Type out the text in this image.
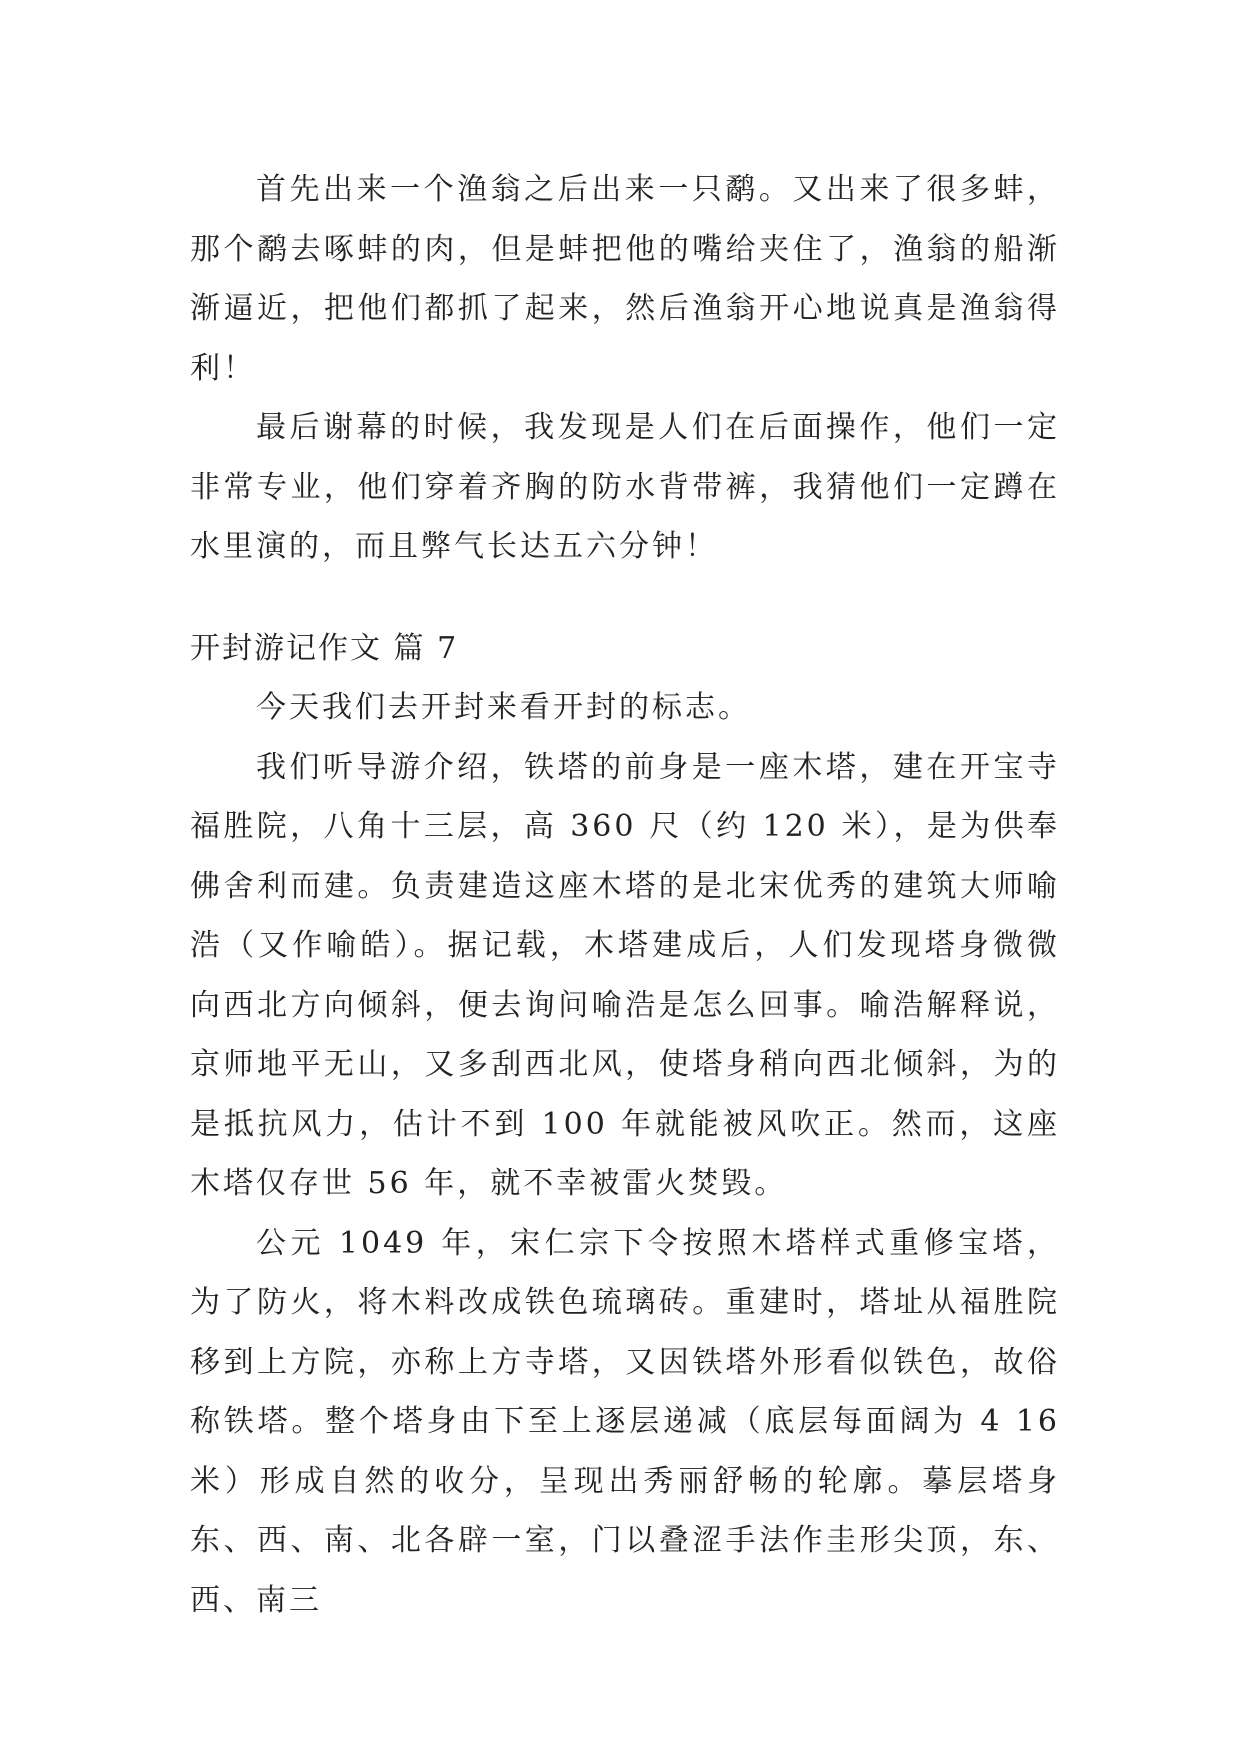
首先出来一个渔翁之后出来一只鹬。又出来了很多蚌，那个鹬去啄蚌的肉，但是蚌把他的嘴给夹住了，渔翁的船渐渐逼近，把他们都抓了起来，然后渔翁开心地说真是渔翁得利！

最后谢幕的时候，我发现是人们在后面操作，他们一定非常专业，他们穿着齐胸的防水背带裤，我猜他们一定蹲在水里演的，而且弊气长达五六分钟！

开封游记作文 篇 7

今天我们去开封来看开封的标志。

我们听导游介绍，铁塔的前身是一座木塔，建在开宝寺福胜院，八角十三层，高 360 尺（约 120 米），是为供奉佛舍利而建。负责建造这座木塔的是北宋优秀的建筑大师喻浩（又作喻皓）。据记载，木塔建成后，人们发现塔身微微向西北方向倾斜，便去询问喻浩是怎么回事。喻浩解释说，京师地平无山，又多刮西北风，使塔身稍向西北倾斜，为的是抵抗风力，估计不到 100 年就能被风吹正。然而，这座木塔仅存世 56 年，就不幸被雷火焚毁。

公元 1049 年，宋仁宗下令按照木塔样式重修宝塔，为了防火，将木料改成铁色琉璃砖。重建时，塔址从福胜院移到上方院，亦称上方寺塔，又因铁塔外形看似铁色，故俗称铁塔。整个塔身由下至上逐层递减（底层每面阔为 4 16 米）形成自然的收分，呈现出秀丽舒畅的轮廓。摹层塔身东、西、南、北各辟一室，门以叠涩手法作圭形尖顶，东、西、南三
